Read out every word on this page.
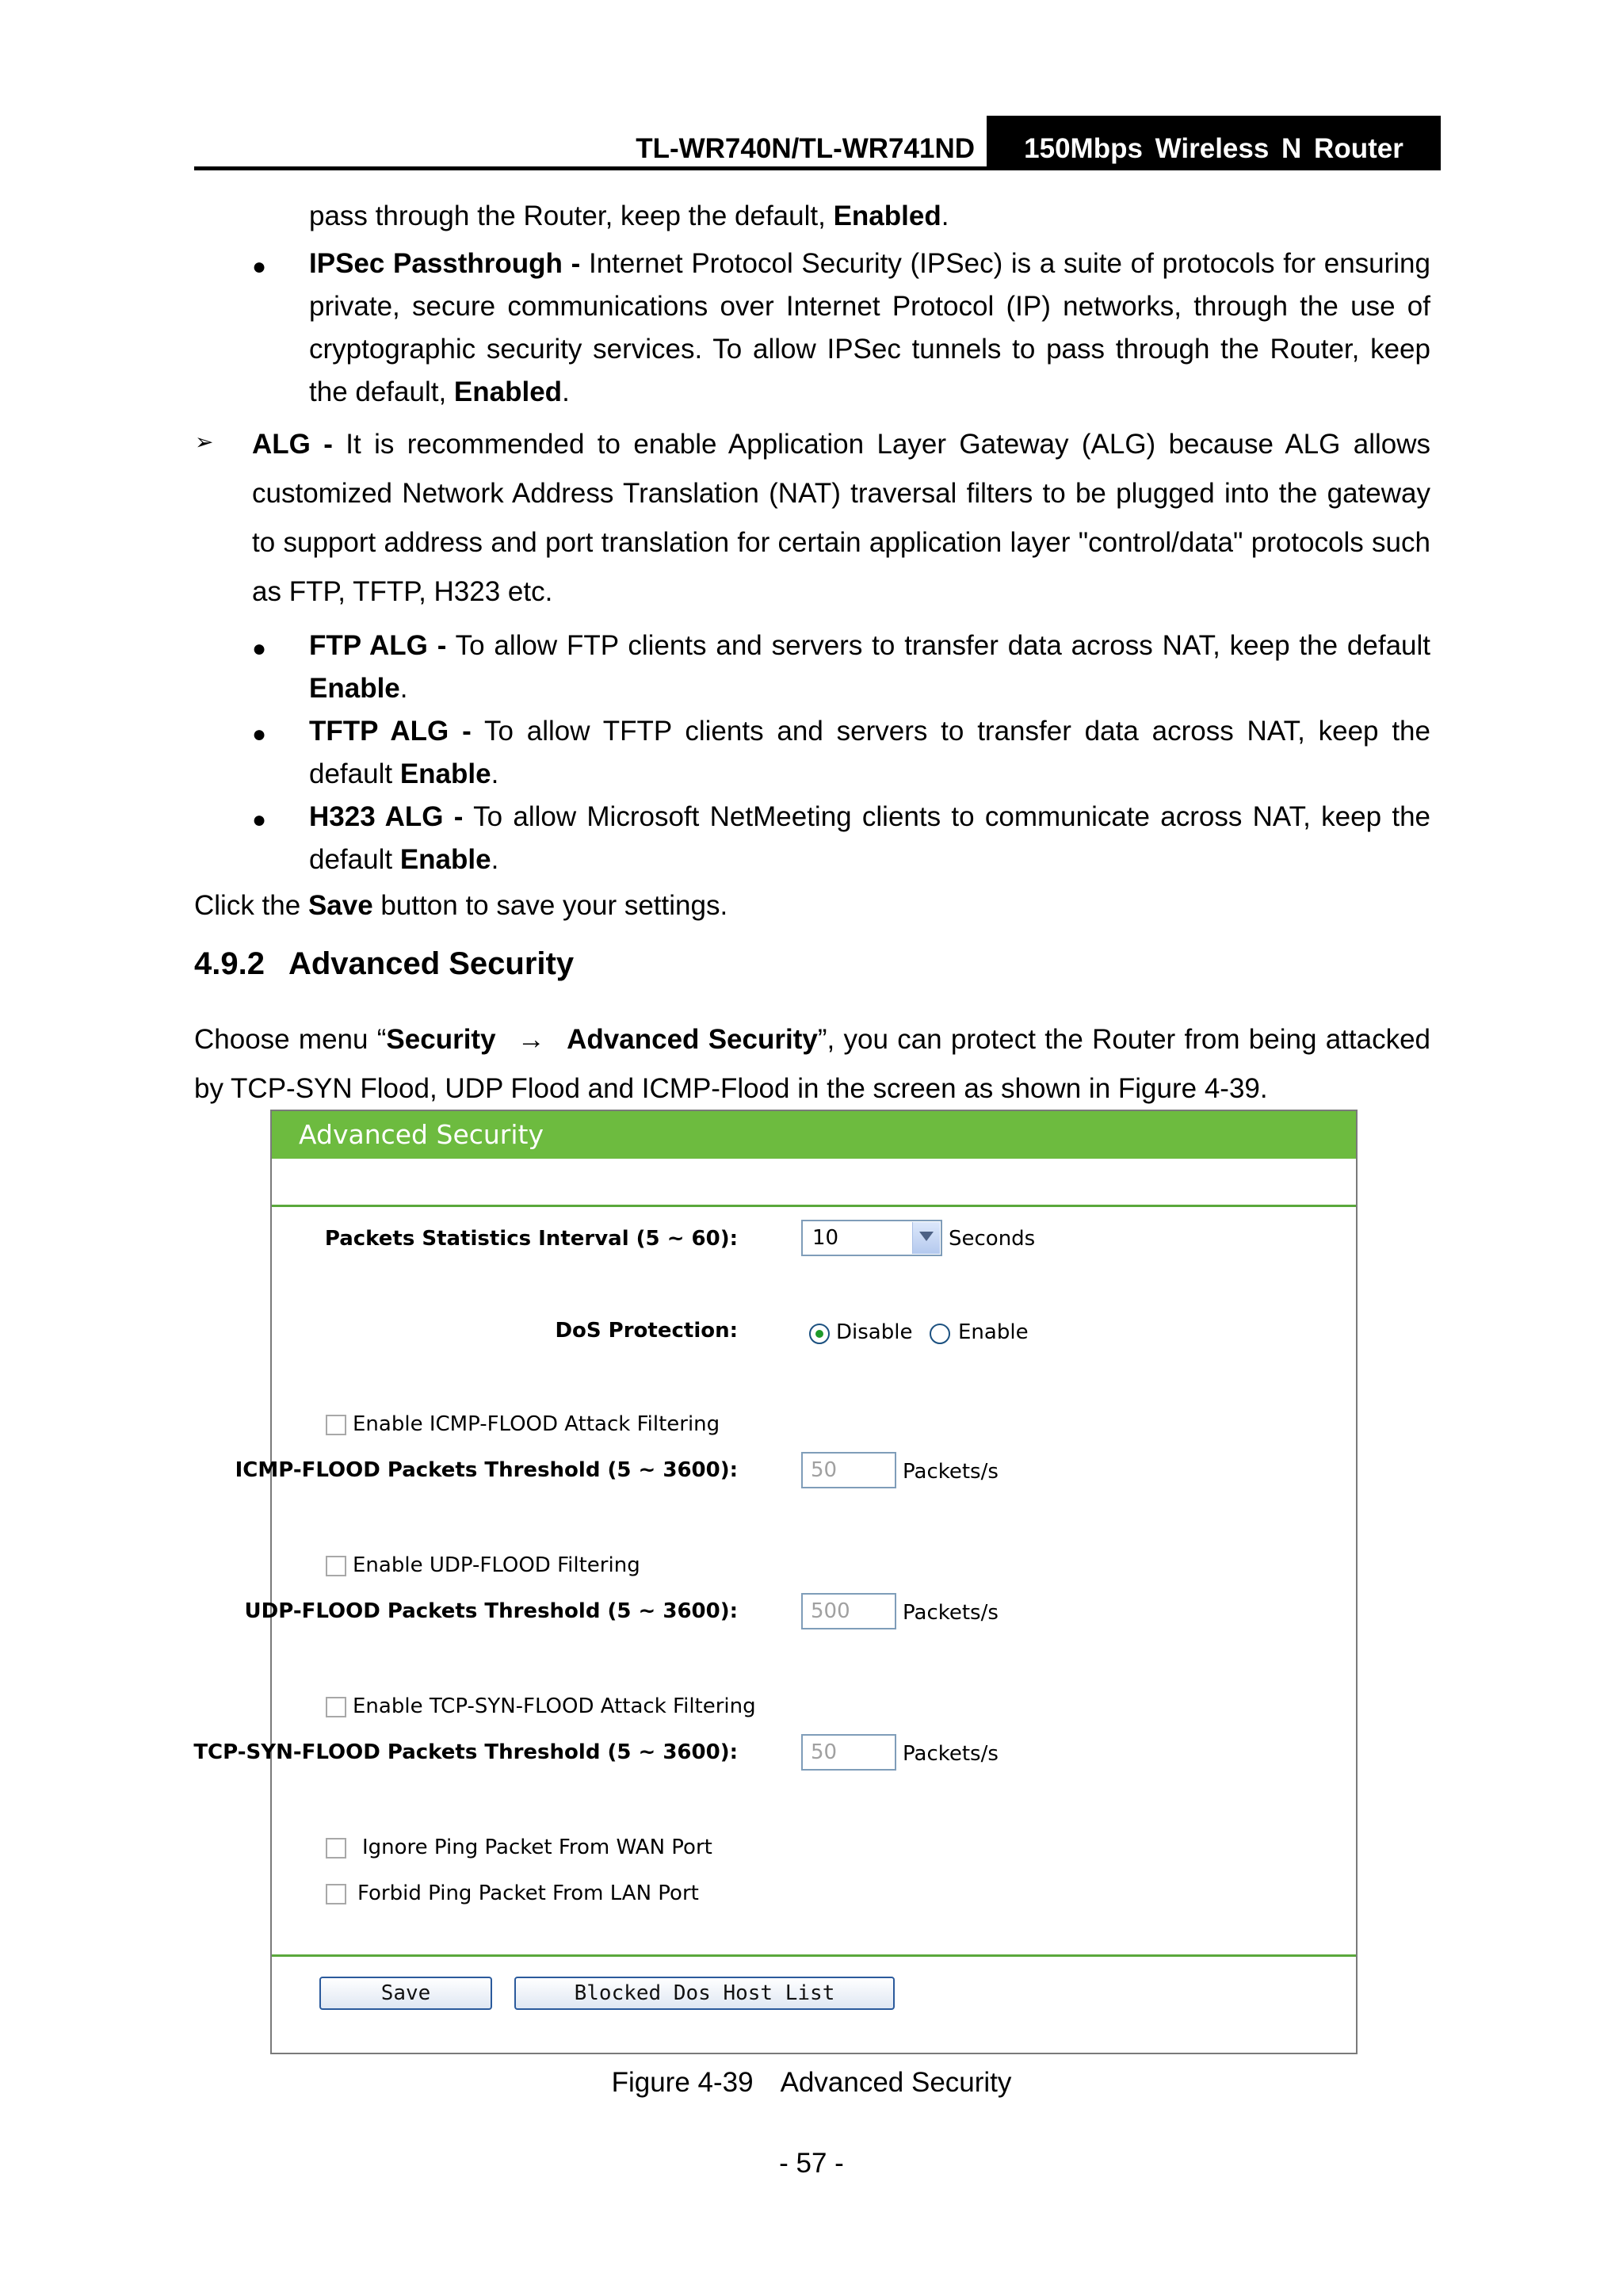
TL-WR740N/TL-WR741ND	150Mbps Wireless N Router
pass through the Router, keep the default, Enabled.
● IPSec Passthrough - Internet Protocol Security (IPSec) is a suite of protocols for ensuring private, secure communications over Internet Protocol (IP) networks, through the use of cryptographic security services. To allow IPSec tunnels to pass through the Router, keep the default, Enabled.
➢ ALG - It is recommended to enable Application Layer Gateway (ALG) because ALG allows customized Network Address Translation (NAT) traversal filters to be plugged into the gateway to support address and port translation for certain application layer "control/data" protocols such as FTP, TFTP, H323 etc.
● FTP ALG - To allow FTP clients and servers to transfer data across NAT, keep the default Enable.
● TFTP ALG - To allow TFTP clients and servers to transfer data across NAT, keep the default Enable.
● H323 ALG - To allow Microsoft NetMeeting clients to communicate across NAT, keep the default Enable.
Click the Save button to save your settings.
4.9.2 Advanced Security
Choose menu “Security → Advanced Security”, you can protect the Router from being attacked by TCP-SYN Flood, UDP Flood and ICMP-Flood in the screen as shown in Figure 4-39.
Advanced Security
Packets Statistics Interval (5 ~ 60):	10	Seconds
DoS Protection:	Disable Enable
Enable ICMP-FLOOD Attack Filtering
ICMP-FLOOD Packets Threshold (5 ~ 3600):	50	Packets/s
Enable UDP-FLOOD Filtering
UDP-FLOOD Packets Threshold (5 ~ 3600):	500	Packets/s
Enable TCP-SYN-FLOOD Attack Filtering
TCP-SYN-FLOOD Packets Threshold (5 ~ 3600):	50	Packets/s
Ignore Ping Packet From WAN Port
Forbid Ping Packet From LAN Port
Save	Blocked Dos Host List
Figure 4-39 Advanced Security
- 57 -
